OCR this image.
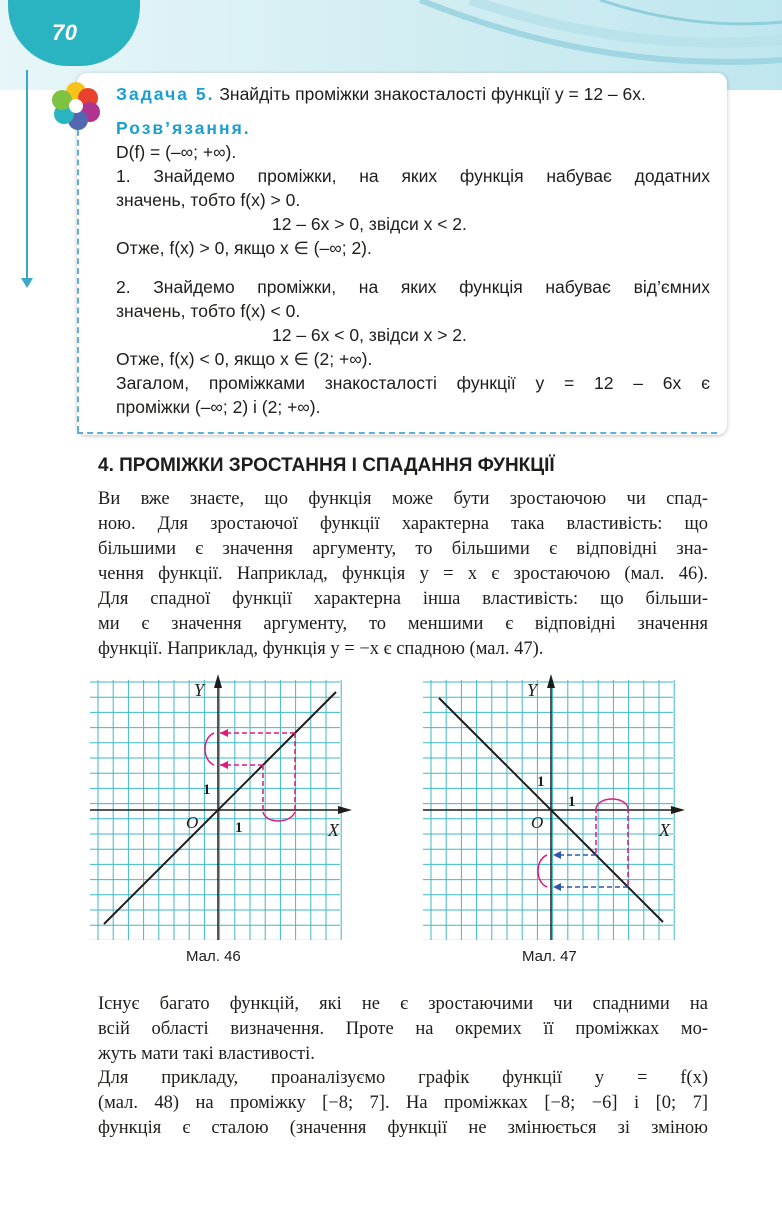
70
Задача 5. Знайдіть проміжки знакосталості функції y = 12 – 6x.
Розв’язання.
D(f) = (–∞; +∞).
1. Знайдемо проміжки, на яких функція набуває додатних
значень, тобто f(x) > 0.
12 – 6x > 0, звідси x < 2.
Отже, f(x) > 0, якщо x ∈ (–∞; 2).
2. Знайдемо проміжки, на яких функція набуває від’ємних
значень, тобто f(x) < 0.
12 – 6x < 0, звідси x > 2.
Отже, f(x) < 0, якщо x ∈ (2; +∞).
Загалом, проміжками знакосталості функції y = 12 – 6x є
проміжки (–∞; 2) і (2; +∞).
4. ПРОМІЖКИ ЗРОСТАННЯ І СПАДАННЯ ФУНКЦІЇ
Ви вже знаєте, що функція може бути зростаючою чи спад-
ною. Для зростаючої функції характерна така властивість: що
більшими є значення аргументу, то більшими є відповідні зна-
чення функції. Наприклад, функція y = x є зростаючою (мал. 46).
Для спадної функції характерна інша властивість: що більши-
ми є значення аргументу, то меншими є відповідні значення
функції. Наприклад, функція y = −x є спадною (мал. 47).
Y
X
O
1
1
Мал. 46
Y
X
O
1
1
Мал. 47
Існує багато функцій, які не є зростаючими чи спадними на
всій області визначення. Проте на окремих її проміжках мо-
жуть мати такі властивості.
Для прикладу, проаналізуємо графік функції y = f(x)
(мал. 48) на проміжку [−8; 7]. На проміжках [−8; −6] і [0; 7]
функція є сталою (значення функції не змінюється зі зміною
